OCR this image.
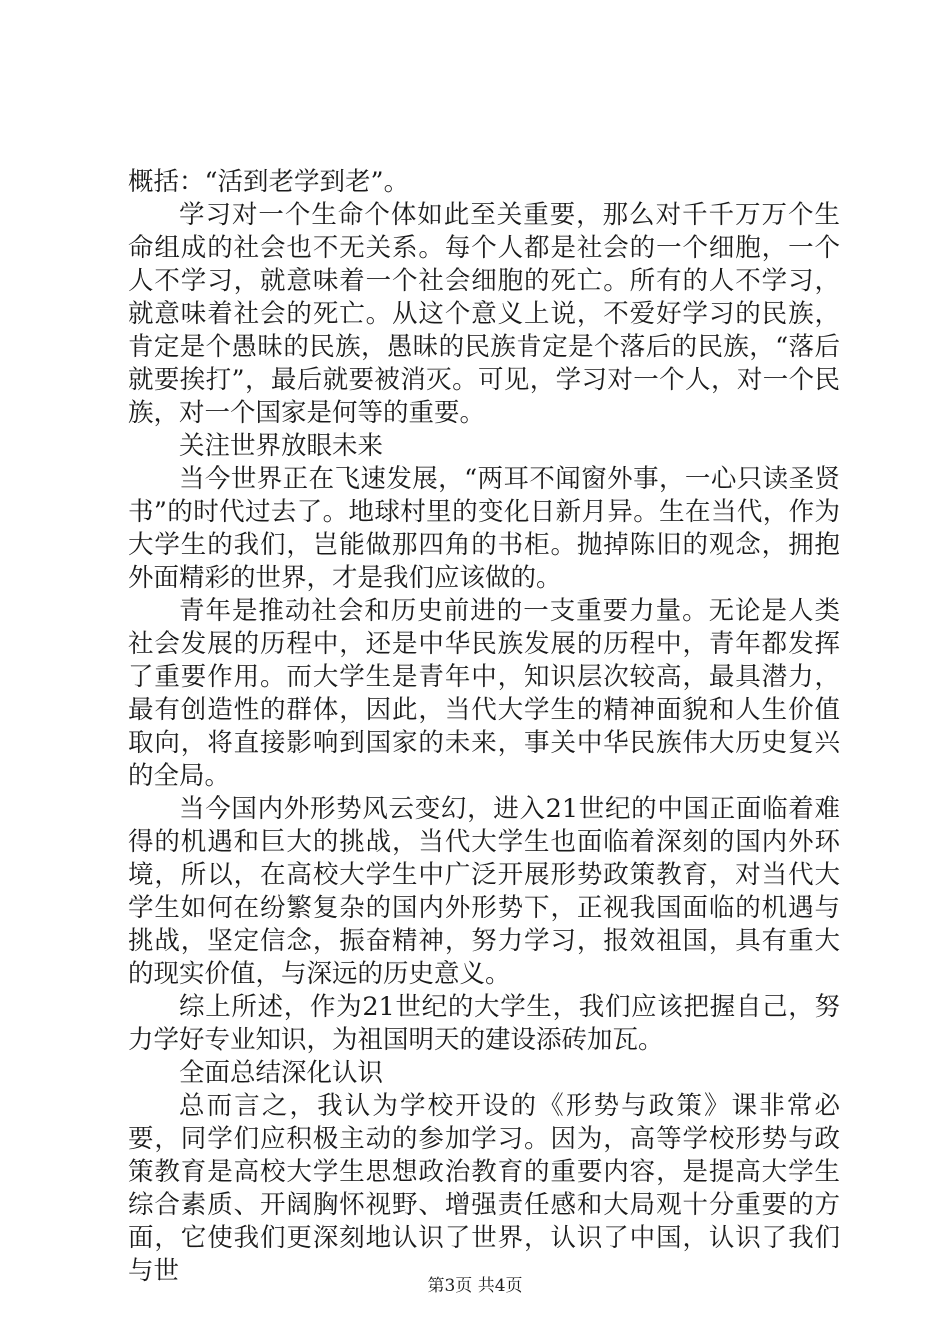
概括：“活到老学到老”。

学习对一个生命个体如此至关重要，那么对千千万万个生命组成的社会也不无关系。每个人都是社会的一个细胞，一个人不学习，就意味着一个社会细胞的死亡。所有的人不学习，就意味着社会的死亡。从这个意义上说，不爱好学习的民族，肯定是个愚昧的民族，愚昧的民族肯定是个落后的民族，“落后就要挨打”，最后就要被消灭。可见，学习对一个人，对一个民族，对一个国家是何等的重要。

关注世界放眼未来

当今世界正在飞速发展，“两耳不闻窗外事，一心只读圣贤书”的时代过去了。地球村里的变化日新月异。生在当代，作为大学生的我们，岂能做那四角的书柜。抛掉陈旧的观念，拥抱外面精彩的世界，才是我们应该做的。

青年是推动社会和历史前进的一支重要力量。无论是人类社会发展的历程中，还是中华民族发展的历程中，青年都发挥了重要作用。而大学生是青年中，知识层次较高，最具潜力，最有创造性的群体，因此，当代大学生的精神面貌和人生价值取向，将直接影响到国家的未来，事关中华民族伟大历史复兴的全局。

当今国内外形势风云变幻，进入21世纪的中国正面临着难得的机遇和巨大的挑战，当代大学生也面临着深刻的国内外环境，所以，在高校大学生中广泛开展形势政策教育，对当代大学生如何在纷繁复杂的国内外形势下，正视我国面临的机遇与挑战，坚定信念，振奋精神，努力学习，报效祖国，具有重大的现实价值，与深远的历史意义。

综上所述，作为21世纪的大学生，我们应该把握自己，努力学好专业知识，为祖国明天的建设添砖加瓦。

全面总结深化认识

总而言之，我认为学校开设的《形势与政策》课非常必要，同学们应积极主动的参加学习。因为，高等学校形势与政策教育是高校大学生思想政治教育的重要内容，是提高大学生综合素质、开阔胸怀视野、增强责任感和大局观十分重要的方面，它使我们更深刻地认识了世界，认识了中国，认识了我们与世	第3页 共4页
